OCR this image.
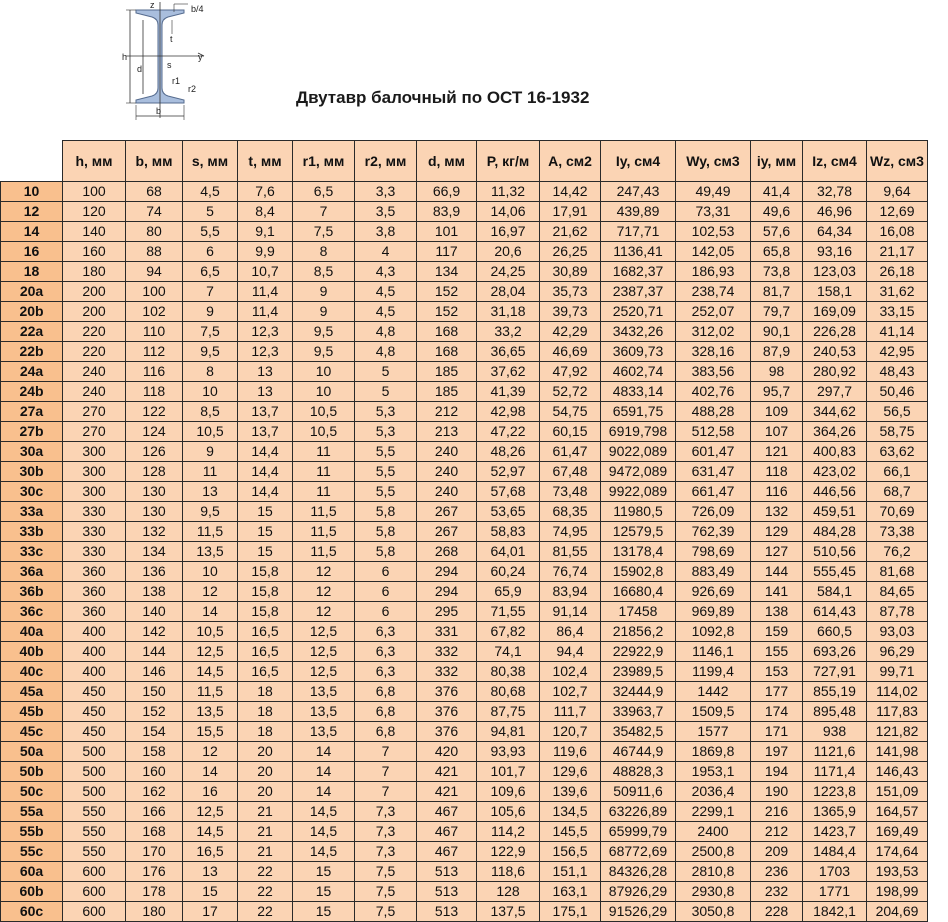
z	b/4
t
y
h
d	s
r1
r2
b
Двутавр балочный по ОСТ 16-1932
	h, мм	b, мм	s, мм	t, мм	r1, мм	r2, мм	d, мм	P, кг/м	A, см2	Iy, см4	Wy, см3	iy, мм	Iz, см4	Wz, см3
10	100	68	4,5	7,6	6,5	3,3	66,9	11,32	14,42	247,43	49,49	41,4	32,78	9,64
12	120	74	5	8,4	7	3,5	83,9	14,06	17,91	439,89	73,31	49,6	46,96	12,69
14	140	80	5,5	9,1	7,5	3,8	101	16,97	21,62	717,71	102,53	57,6	64,34	16,08
16	160	88	6	9,9	8	4	117	20,6	26,25	1136,41	142,05	65,8	93,16	21,17
18	180	94	6,5	10,7	8,5	4,3	134	24,25	30,89	1682,37	186,93	73,8	123,03	26,18
20a	200	100	7	11,4	9	4,5	152	28,04	35,73	2387,37	238,74	81,7	158,1	31,62
20b	200	102	9	11,4	9	4,5	152	31,18	39,73	2520,71	252,07	79,7	169,09	33,15
22a	220	110	7,5	12,3	9,5	4,8	168	33,2	42,29	3432,26	312,02	90,1	226,28	41,14
22b	220	112	9,5	12,3	9,5	4,8	168	36,65	46,69	3609,73	328,16	87,9	240,53	42,95
24a	240	116	8	13	10	5	185	37,62	47,92	4602,74	383,56	98	280,92	48,43
24b	240	118	10	13	10	5	185	41,39	52,72	4833,14	402,76	95,7	297,7	50,46
27a	270	122	8,5	13,7	10,5	5,3	212	42,98	54,75	6591,75	488,28	109	344,62	56,5
27b	270	124	10,5	13,7	10,5	5,3	213	47,22	60,15	6919,798	512,58	107	364,26	58,75
30a	300	126	9	14,4	11	5,5	240	48,26	61,47	9022,089	601,47	121	400,83	63,62
30b	300	128	11	14,4	11	5,5	240	52,97	67,48	9472,089	631,47	118	423,02	66,1
30c	300	130	13	14,4	11	5,5	240	57,68	73,48	9922,089	661,47	116	446,56	68,7
33a	330	130	9,5	15	11,5	5,8	267	53,65	68,35	11980,5	726,09	132	459,51	70,69
33b	330	132	11,5	15	11,5	5,8	267	58,83	74,95	12579,5	762,39	129	484,28	73,38
33c	330	134	13,5	15	11,5	5,8	268	64,01	81,55	13178,4	798,69	127	510,56	76,2
36a	360	136	10	15,8	12	6	294	60,24	76,74	15902,8	883,49	144	555,45	81,68
36b	360	138	12	15,8	12	6	294	65,9	83,94	16680,4	926,69	141	584,1	84,65
36c	360	140	14	15,8	12	6	295	71,55	91,14	17458	969,89	138	614,43	87,78
40a	400	142	10,5	16,5	12,5	6,3	331	67,82	86,4	21856,2	1092,8	159	660,5	93,03
40b	400	144	12,5	16,5	12,5	6,3	332	74,1	94,4	22922,9	1146,1	155	693,26	96,29
40c	400	146	14,5	16,5	12,5	6,3	332	80,38	102,4	23989,5	1199,4	153	727,91	99,71
45a	450	150	11,5	18	13,5	6,8	376	80,68	102,7	32444,9	1442	177	855,19	114,02
45b	450	152	13,5	18	13,5	6,8	376	87,75	111,7	33963,7	1509,5	174	895,48	117,83
45c	450	154	15,5	18	13,5	6,8	376	94,81	120,7	35482,5	1577	171	938	121,82
50a	500	158	12	20	14	7	420	93,93	119,6	46744,9	1869,8	197	1121,6	141,98
50b	500	160	14	20	14	7	421	101,7	129,6	48828,3	1953,1	194	1171,4	146,43
50c	500	162	16	20	14	7	421	109,6	139,6	50911,6	2036,4	190	1223,8	151,09
55a	550	166	12,5	21	14,5	7,3	467	105,6	134,5	63226,89	2299,1	216	1365,9	164,57
55b	550	168	14,5	21	14,5	7,3	467	114,2	145,5	65999,79	2400	212	1423,7	169,49
55c	550	170	16,5	21	14,5	7,3	467	122,9	156,5	68772,69	2500,8	209	1484,4	174,64
60a	600	176	13	22	15	7,5	513	118,6	151,1	84326,28	2810,8	236	1703	193,53
60b	600	178	15	22	15	7,5	513	128	163,1	87926,29	2930,8	232	1771	198,99
60c	600	180	17	22	15	7,5	513	137,5	175,1	91526,29	3050,8	228	1842,1	204,69
